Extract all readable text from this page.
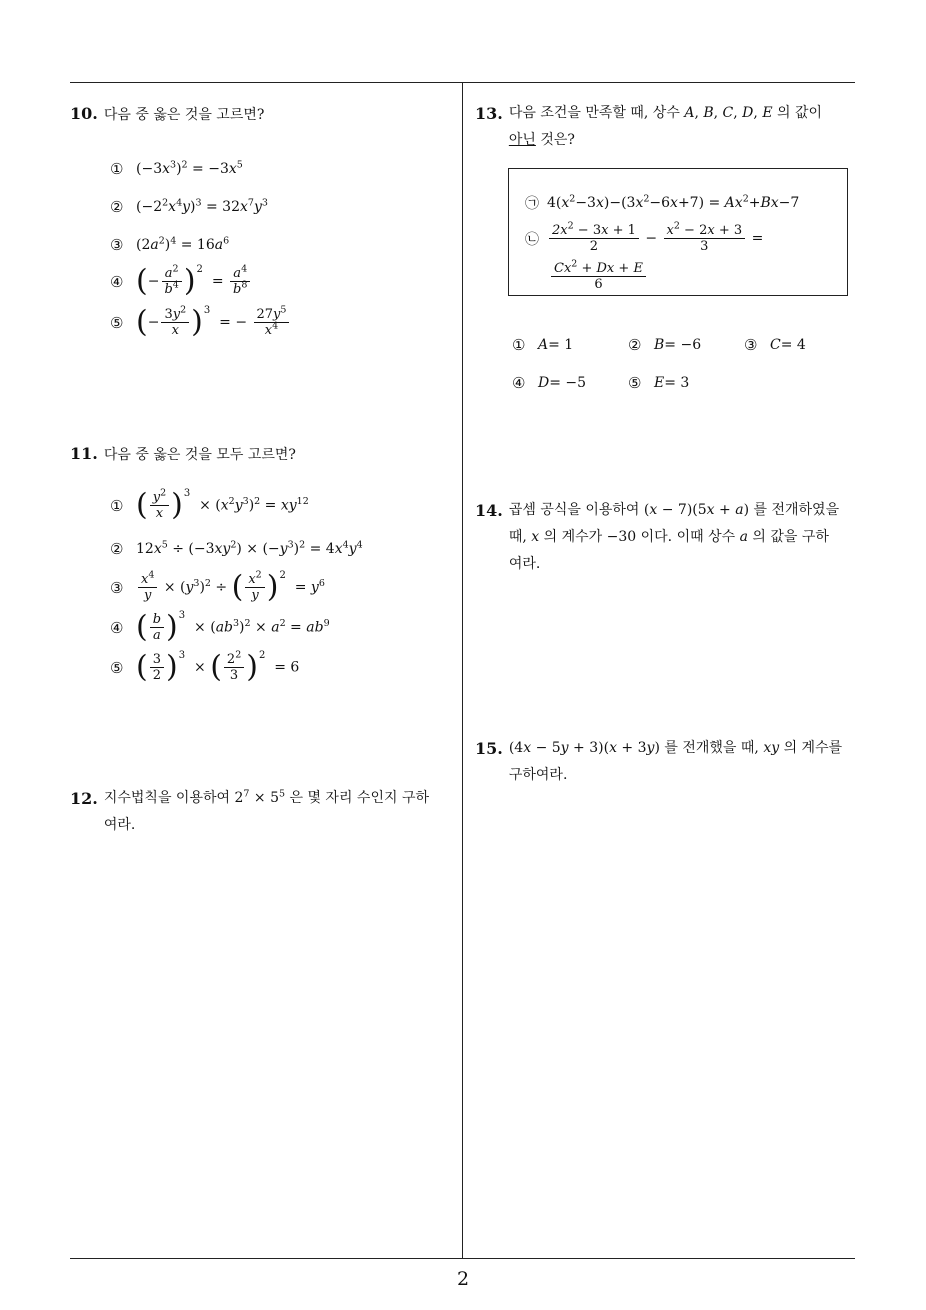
2
10. 다음 중 옳은 것을 고르면?
① $(-3x^3)^2 = -3x^5$
② $(-2^2x^4y)^3 = 32x^7y^3$
③ $(2a^2)^4 = 16a^6$
④ (− $\frac{a^2}{b^4} )^2 = \frac{a^4}{b^8}$
⑤ (− $\frac{3y^2}{x} )^3$  = − $\frac{27y^5}{x^4}$
11. 다음 중 옳은 것을 모두 고르면?
① ( $\frac{y^2}{x} )^3 \times (x^2y^3)^2 = xy^{12}$
② $12x^5 \div (-3xy^2) \times (-y^3)^2 = 4x^4y^4$
③	$\frac{x^4}{y} \times (y^3)^2$ ÷ ( $\frac{x^2}{y} )^2 = y^6$
④ ( $\frac{b}{a} )^3 \times (ab^3)^2 \times a^2 = ab^9$
⑤ ( $\frac{3}{2} )^3$  × ( $\frac{2^2}{3} )^2 = 6$
12. 지수법칙을 이용하여 $2^7 \times 5^5$ 은 몇 자리 수인지 구하
여라.
13. 다음 조건을 만족할 때, 상수 A, B, C, D, E 의 값이
아닌 것은?
㉠ $4(x^2-3x)-(3x^2-6x+7) = Ax^2+Bx-7$
㉡ $\frac{2x^2 - 3x + 1}{2} - \frac{x^2 - 2x + 3}{3}$ =
$\frac{Cx^2 + Dx + E}{6}$
① A = 1	② B = −6	③ C = 4
④ D = −5	⑤ E = 3
14. 곱셈 공식을 이용하여 (x − 7)(5x + a) 를 전개하였을
때, x 의 계수가 −30 이다. 이때 상수 a 의 값을 구하
여라.
15. (4x − 5y + 3)(x + 3y) 를 전개했을 때, xy 의 계수를
구하여라.
